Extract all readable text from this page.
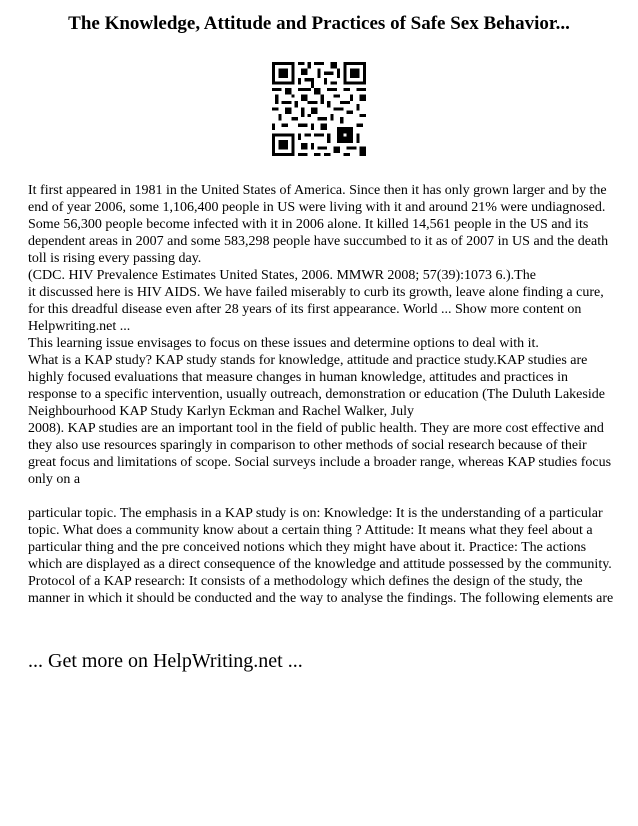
The Knowledge, Attitude and Practices of Safe Sex Behavior...

It first appeared in 1981 in the United States of America. Since then it has only grown larger and by the end of year 2006, some 1,106,400 people in US were living with it and around 21% were undiagnosed. Some 56,300 people become infected with it in 2006 alone. It killed 14,561 people in the US and its dependent areas in 2007 and some 583,298 people have succumbed to it as of 2007 in US and the death toll is rising every passing day.

(CDC. HIV Prevalence Estimates United States, 2006. MMWR 2008; 57(39):1073 6.).The

it discussed here is HIV AIDS. We have failed miserably to curb its growth, leave alone finding a cure, for this dreadful disease even after 28 years of its first appearance. World ... Show more content on Helpwriting.net ...

This learning issue envisages to focus on these issues and determine options to deal with it.

What is a KAP study? KAP study stands for knowledge, attitude and practice study.KAP studies are highly focused evaluations that measure changes in human knowledge, attitudes and practices in response to a specific intervention, usually outreach, demonstration or education (The Duluth Lakeside Neighbourhood KAP Study Karlyn Eckman and Rachel Walker, July

2008). KAP studies are an important tool in the field of public health. They are more cost effective and they also use resources sparingly in comparison to other methods of social research because of their great focus and limitations of scope. Social surveys include a broader range, whereas KAP studies focus only on a

particular topic. The emphasis in a KAP study is on: Knowledge: It is the understanding of a particular topic. What does a community know about a certain thing ? Attitude: It means what they feel about a particular thing and the pre conceived notions which they might have about it. Practice: The actions which are displayed as a direct consequence of the knowledge and attitude possessed by the community.

Protocol of a KAP research: It consists of a methodology which defines the design of the study, the manner in which it should be conducted and the way to analyse the findings. The following elements are

... Get more on HelpWriting.net ...
